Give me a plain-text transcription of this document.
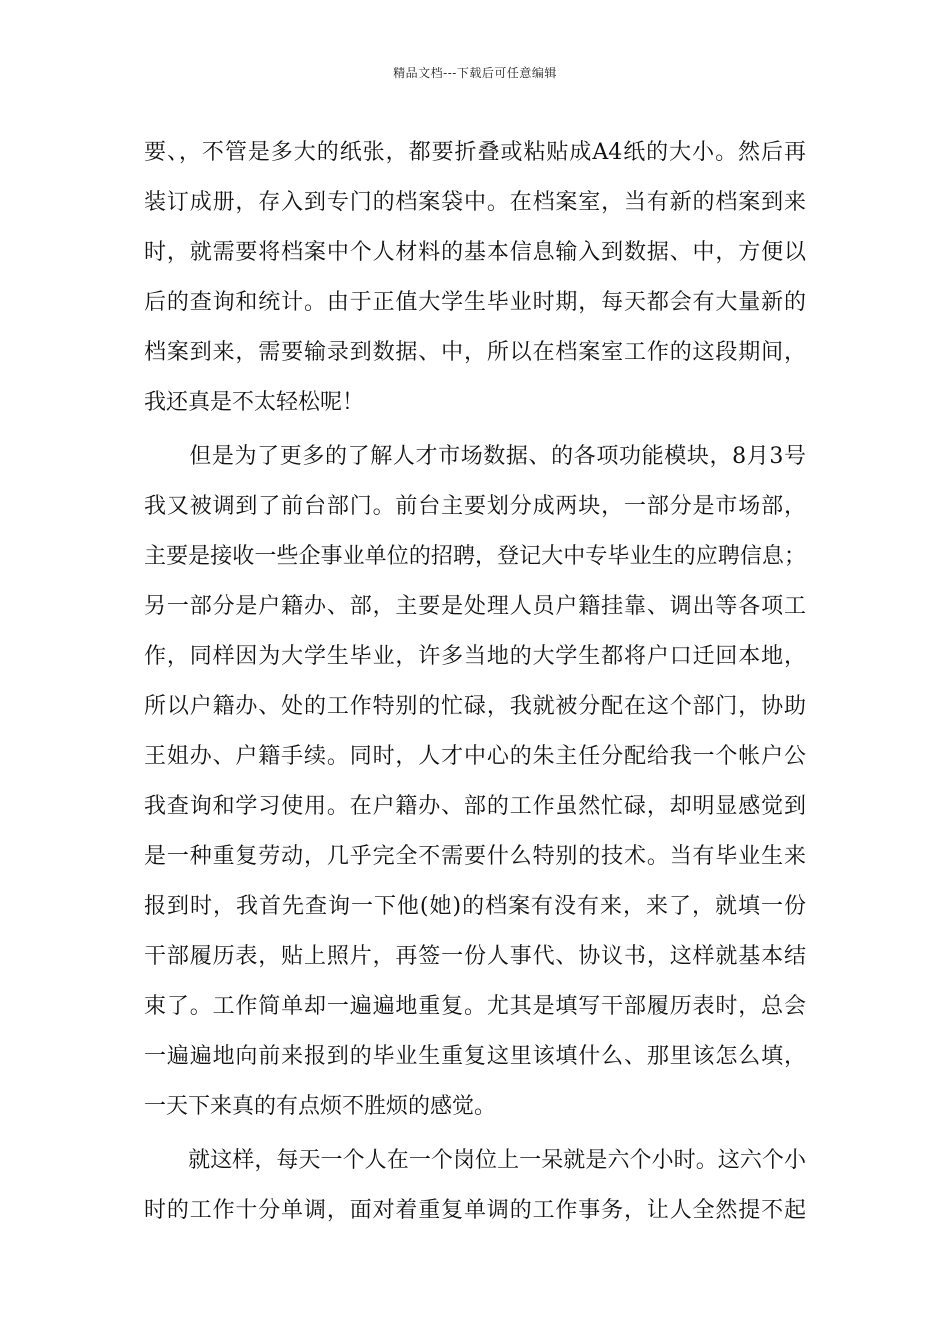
精品文档---下载后可任意编辑
要、，不管是多大的纸张，都要折叠或粘贴成A4纸的大小。然后再
装订成册，存入到专门的档案袋中。在档案室，当有新的档案到来
时，就需要将档案中个人材料的基本信息输入到数据、中，方便以
后的查询和统计。由于正值大学生毕业时期，每天都会有大量新的
档案到来，需要输录到数据、中，所以在档案室工作的这段期间，
我还真是不太轻松呢！
　　但是为了更多的了解人才市场数据、的各项功能模块，8月3号
我又被调到了前台部门。前台主要划分成两块，一部分是市场部，
主要是接收一些企事业单位的招聘，登记大中专毕业生的应聘信息；
另一部分是户籍办、部，主要是处理人员户籍挂靠、调出等各项工
作，同样因为大学生毕业，许多当地的大学生都将户口迁回本地，
所以户籍办、处的工作特别的忙碌，我就被分配在这个部门，协助
王姐办、户籍手续。同时，人才中心的朱主任分配给我一个帐户公
我查询和学习使用。在户籍办、部的工作虽然忙碌，却明显感觉到
是一种重复劳动，几乎完全不需要什么特别的技术。当有毕业生来
报到时，我首先查询一下他(她)的档案有没有来，来了，就填一份
干部履历表，贴上照片，再签一份人事代、协议书，这样就基本结
束了。工作简单却一遍遍地重复。尤其是填写干部履历表时，总会
一遍遍地向前来报到的毕业生重复这里该填什么、那里该怎么填，
一天下来真的有点烦不胜烦的感觉。
　　就这样，每天一个人在一个岗位上一呆就是六个小时。这六个小
时的工作十分单调，面对着重复单调的工作事务，让人全然提不起
